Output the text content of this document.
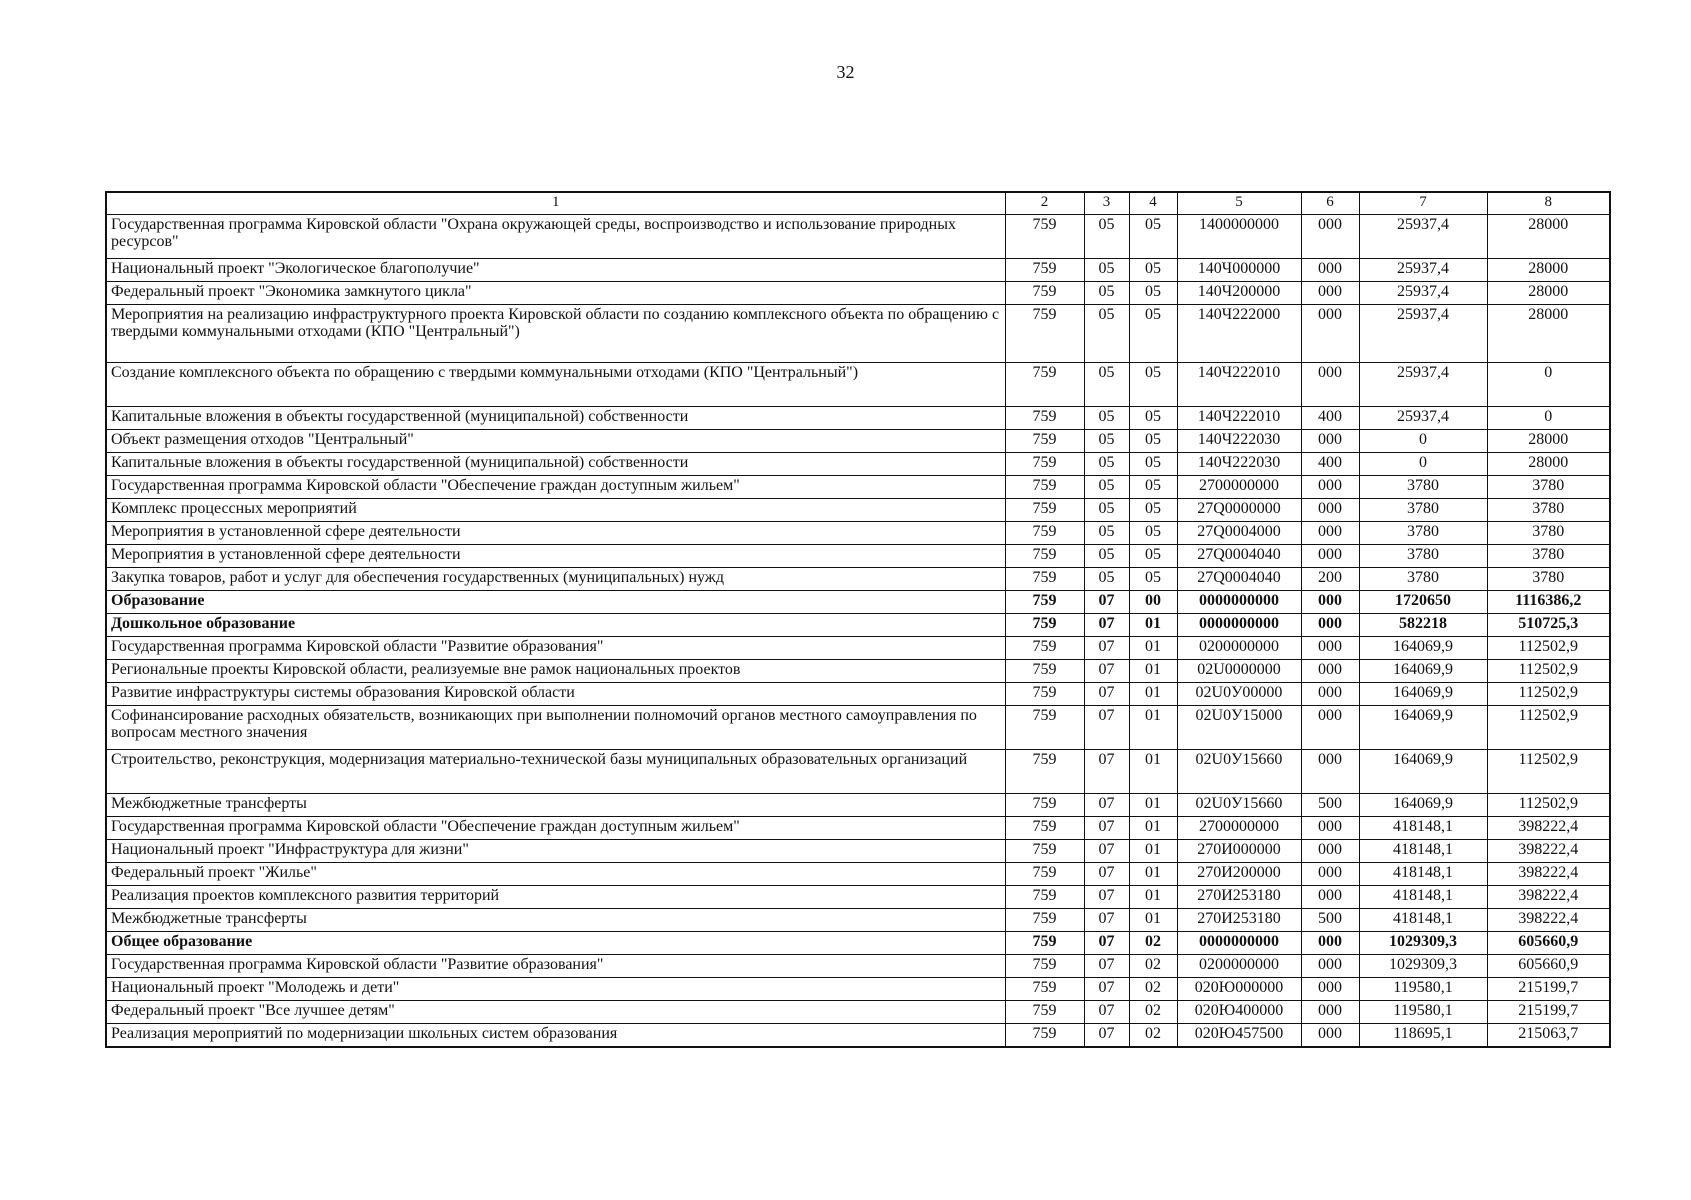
32
1	2	3	4	5	6	7	8
Государственная программа Кировской области "Охрана окружающей среды, воспроизводство и использование природных ресурсов"	759	05	05	1400000000	000	25937,4	28000
Национальный проект "Экологическое благополучие"	759	05	05	140Ч000000	000	25937,4	28000
Федеральный проект "Экономика замкнутого цикла"	759	05	05	140Ч200000	000	25937,4	28000
Мероприятия на реализацию инфраструктурного проекта Кировской области по созданию комплексного объекта по обращению с твердыми коммунальными отходами (КПО "Центральный")	759	05	05	140Ч222000	000	25937,4	28000
Создание комплексного объекта по обращению с твердыми коммунальными отходами (КПО "Центральный")	759	05	05	140Ч222010	000	25937,4	0
Капитальные вложения в объекты государственной (муниципальной) собственности	759	05	05	140Ч222010	400	25937,4	0
Объект размещения отходов "Центральный"	759	05	05	140Ч222030	000	0	28000
Капитальные вложения в объекты государственной (муниципальной) собственности	759	05	05	140Ч222030	400	0	28000
Государственная программа Кировской области "Обеспечение граждан доступным жильем"	759	05	05	2700000000	000	3780	3780
Комплекс процессных мероприятий	759	05	05	27Q0000000	000	3780	3780
Мероприятия в установленной сфере деятельности	759	05	05	27Q0004000	000	3780	3780
Мероприятия в установленной сфере деятельности	759	05	05	27Q0004040	000	3780	3780
Закупка товаров, работ и услуг для обеспечения государственных (муниципальных) нужд	759	05	05	27Q0004040	200	3780	3780
Образование	759	07	00	0000000000	000	1720650	1116386,2
Дошкольное образование	759	07	01	0000000000	000	582218	510725,3
Государственная программа Кировской области "Развитие образования"	759	07	01	0200000000	000	164069,9	112502,9
Региональные проекты Кировской области, реализуемые вне рамок национальных проектов	759	07	01	02U0000000	000	164069,9	112502,9
Развитие инфраструктуры системы образования Кировской области	759	07	01	02U0У00000	000	164069,9	112502,9
Софинансирование расходных обязательств, возникающих при выполнении полномочий органов местного самоуправления по вопросам местного значения	759	07	01	02U0У15000	000	164069,9	112502,9
Строительство, реконструкция, модернизация материально-технической базы муниципальных образовательных организаций	759	07	01	02U0У15660	000	164069,9	112502,9
Межбюджетные трансферты	759	07	01	02U0У15660	500	164069,9	112502,9
Государственная программа Кировской области "Обеспечение граждан доступным жильем"	759	07	01	2700000000	000	418148,1	398222,4
Национальный проект "Инфраструктура для жизни"	759	07	01	270И000000	000	418148,1	398222,4
Федеральный проект "Жилье"	759	07	01	270И200000	000	418148,1	398222,4
Реализация проектов комплексного развития территорий	759	07	01	270И253180	000	418148,1	398222,4
Межбюджетные трансферты	759	07	01	270И253180	500	418148,1	398222,4
Общее образование	759	07	02	0000000000	000	1029309,3	605660,9
Государственная программа Кировской области "Развитие образования"	759	07	02	0200000000	000	1029309,3	605660,9
Национальный проект "Молодежь и дети"	759	07	02	020Ю000000	000	119580,1	215199,7
Федеральный проект "Все лучшее детям"	759	07	02	020Ю400000	000	119580,1	215199,7
Реализация мероприятий по модернизации школьных систем образования	759	07	02	020Ю457500	000	118695,1	215063,7
